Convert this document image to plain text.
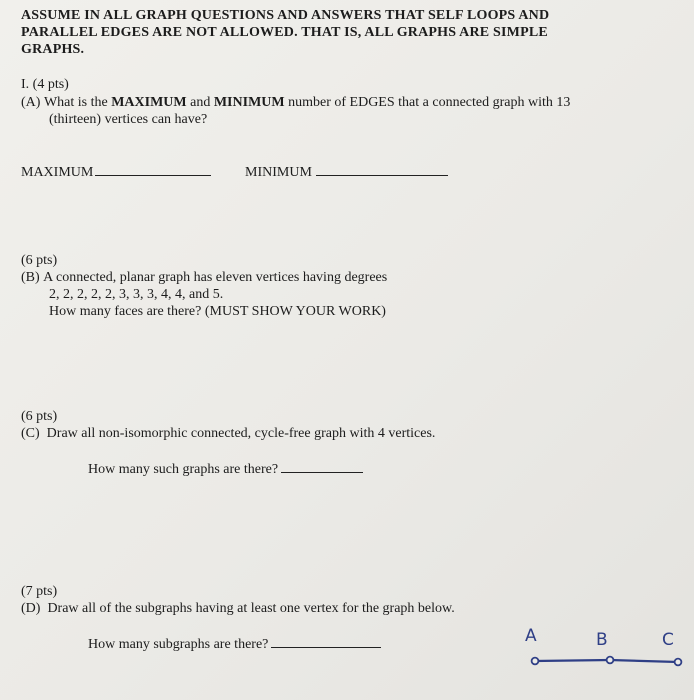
ASSUME IN ALL GRAPH QUESTIONS AND ANSWERS THAT SELF LOOPS AND
PARALLEL EDGES ARE NOT ALLOWED. THAT IS, ALL GRAPHS ARE SIMPLE
GRAPHS.
I. (4 pts)
(A) What is the MAXIMUM and MINIMUM number of EDGES that a connected graph with 13
(thirteen) vertices can have?
MAXIMUM	MINIMUM
(6 pts)
(B) A connected, planar graph has eleven vertices having degrees
2, 2, 2, 2, 2, 3, 3, 3, 4, 4, and 5.
How many faces are there? (MUST SHOW YOUR WORK)
(6 pts)
(C) Draw all non-isomorphic connected, cycle-free graph with 4 vertices.
How many such graphs are there?
(7 pts)
(D) Draw all of the subgraphs having at least one vertex for the graph below.
How many subgraphs are there?	A	B	C
